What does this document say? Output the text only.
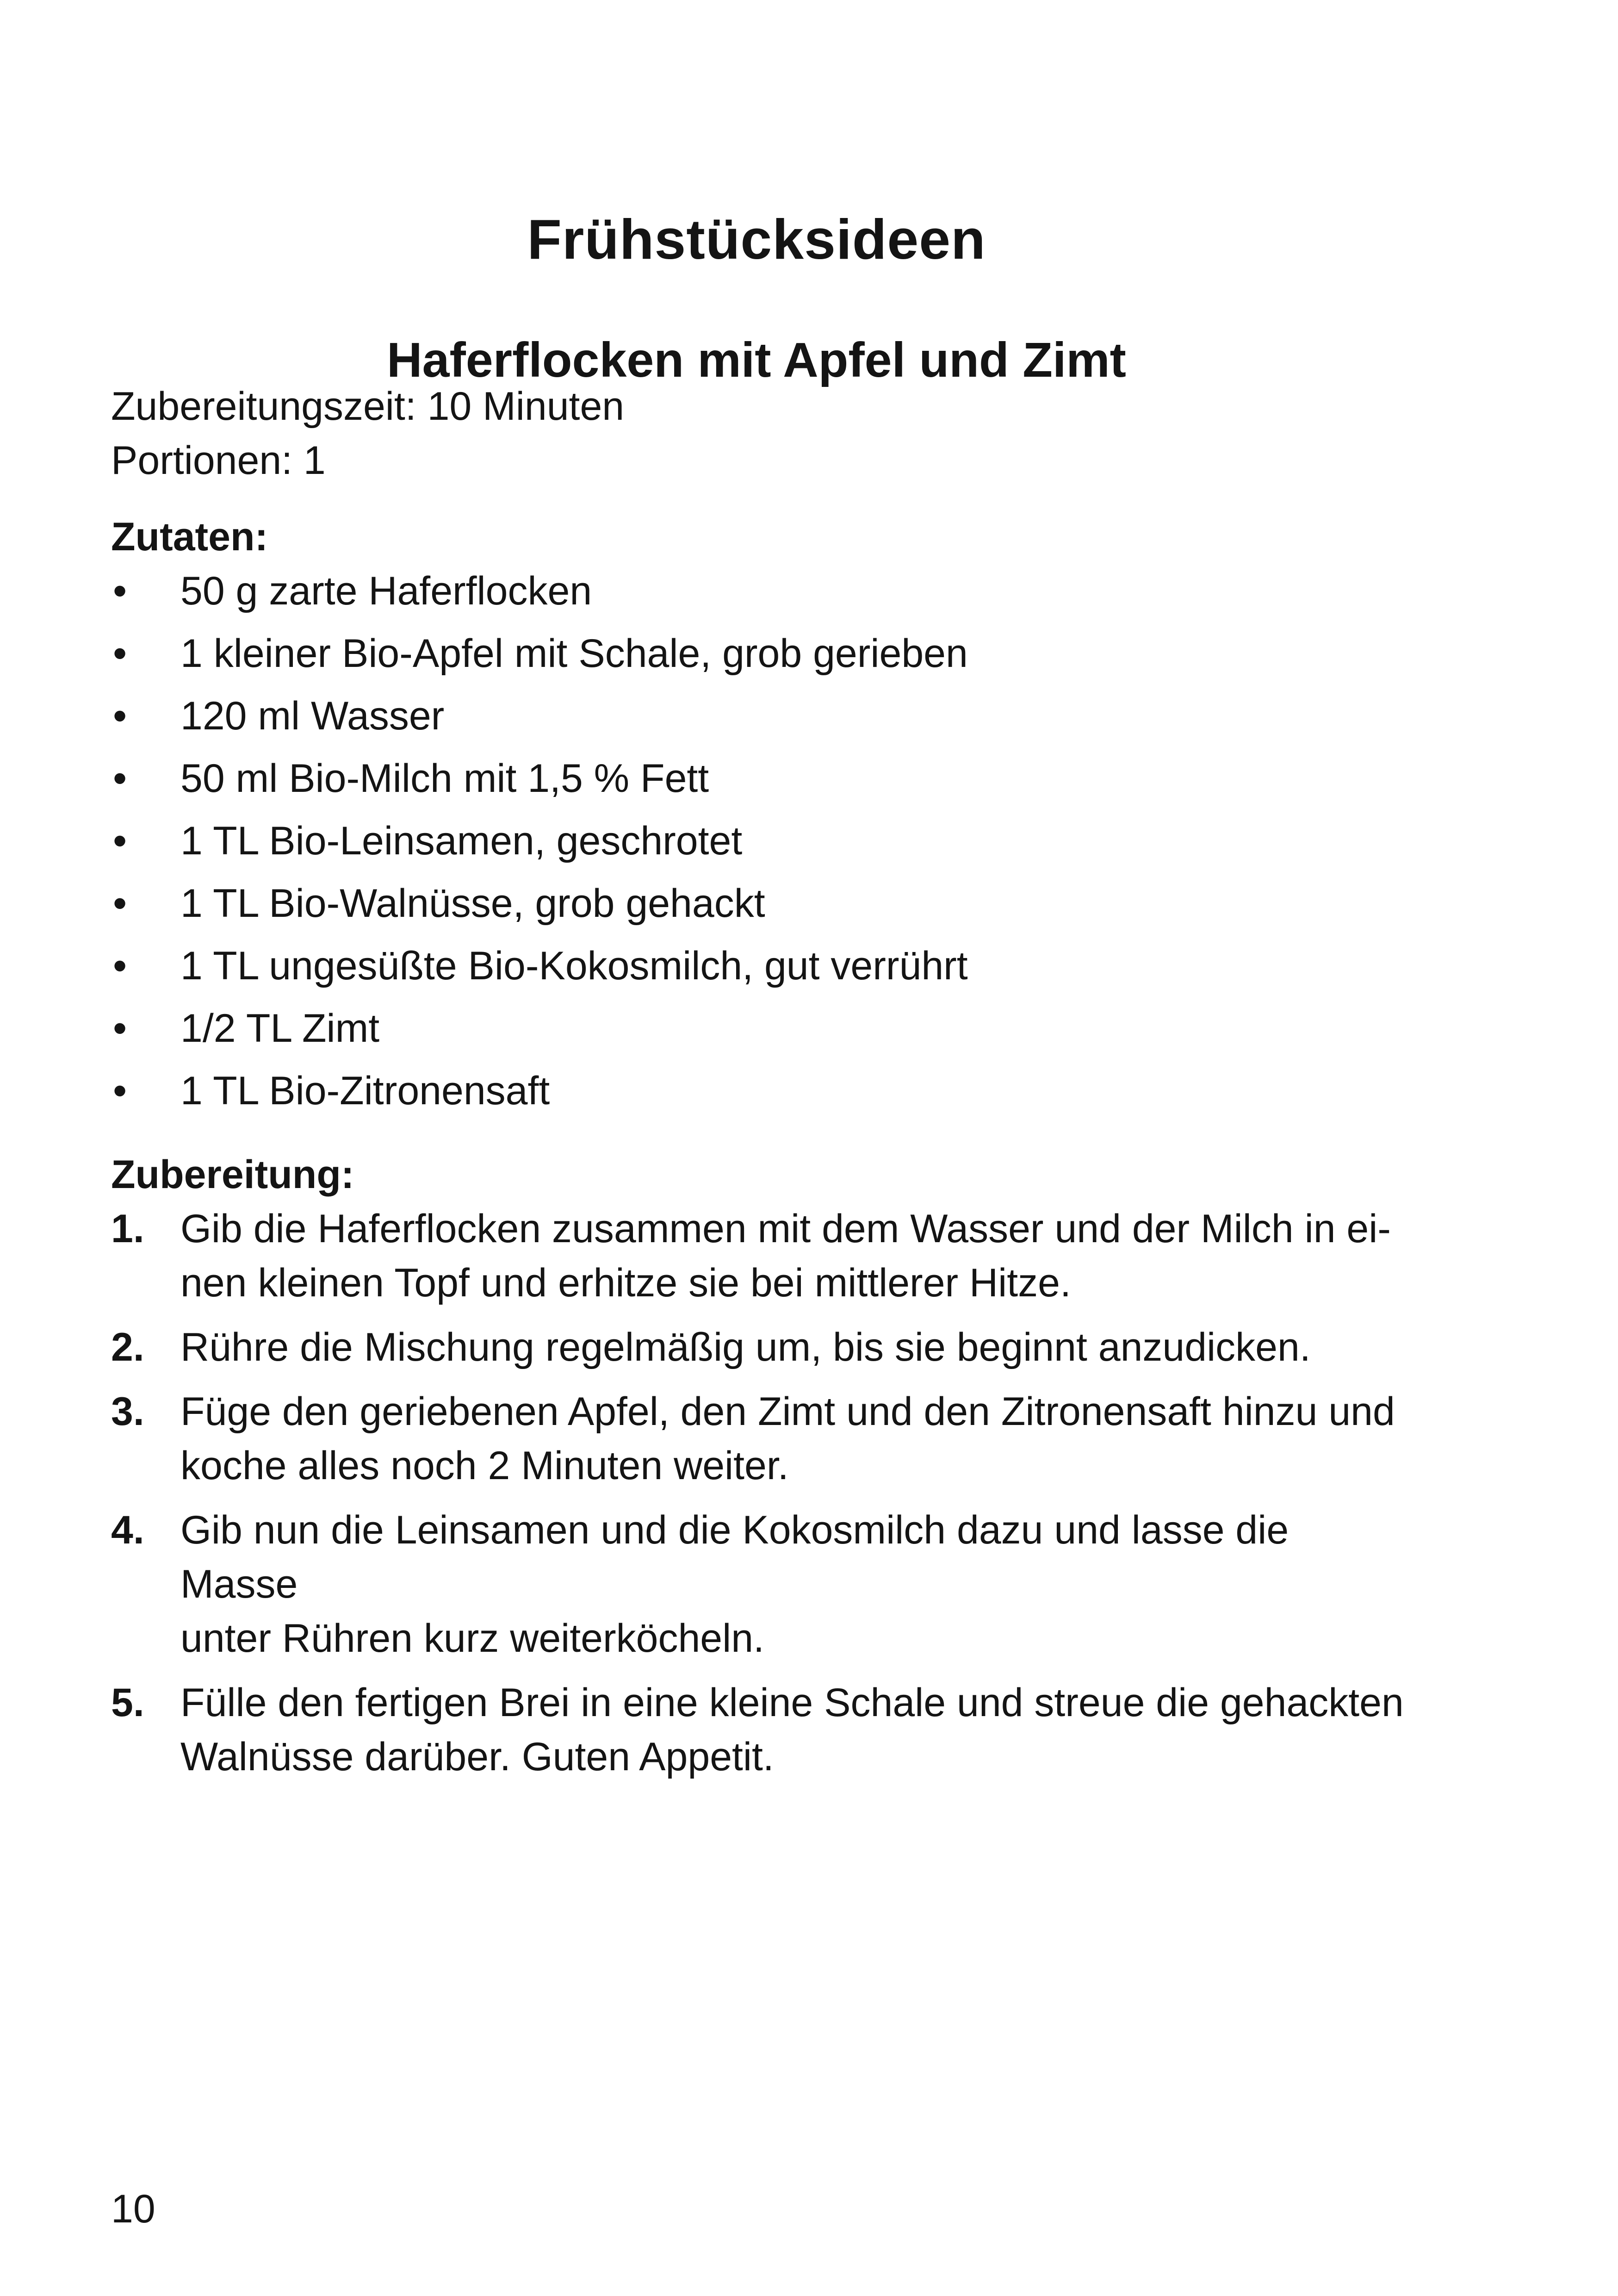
Frühstücksideen
Haferflocken mit Apfel und Zimt

Zubereitungszeit: 10 Minuten

Portionen: 1

Zutaten:

• 50 g zarte Haferflocken
• 1 kleiner Bio-Apfel mit Schale, grob gerieben
• 120 ml Wasser
• 50 ml Bio-Milch mit 1,5 % Fett
• 1 TL Bio-Leinsamen, geschrotet
• 1 TL Bio-Walnüsse, grob gehackt
• 1 TL ungesüßte Bio-Kokosmilch, gut verrührt
• 1/2 TL Zimt
• 1 TL Bio-Zitronensaft

Zubereitung:

1. Gib die Haferflocken zusammen mit dem Wasser und der Milch in ei-
nen kleinen Topf und erhitze sie bei mittlerer Hitze.
2. Rühre die Mischung regelmäßig um, bis sie beginnt anzudicken.
3. Füge den geriebenen Apfel, den Zimt und den Zitronensaft hinzu und
koche alles noch 2 Minuten weiter.
4. Gib nun die Leinsamen und die Kokosmilch dazu und lasse die Masse
unter Rühren kurz weiterköcheln.
5. Fülle den fertigen Brei in eine kleine Schale und streue die gehackten
Walnüsse darüber. Guten Appetit.
10
